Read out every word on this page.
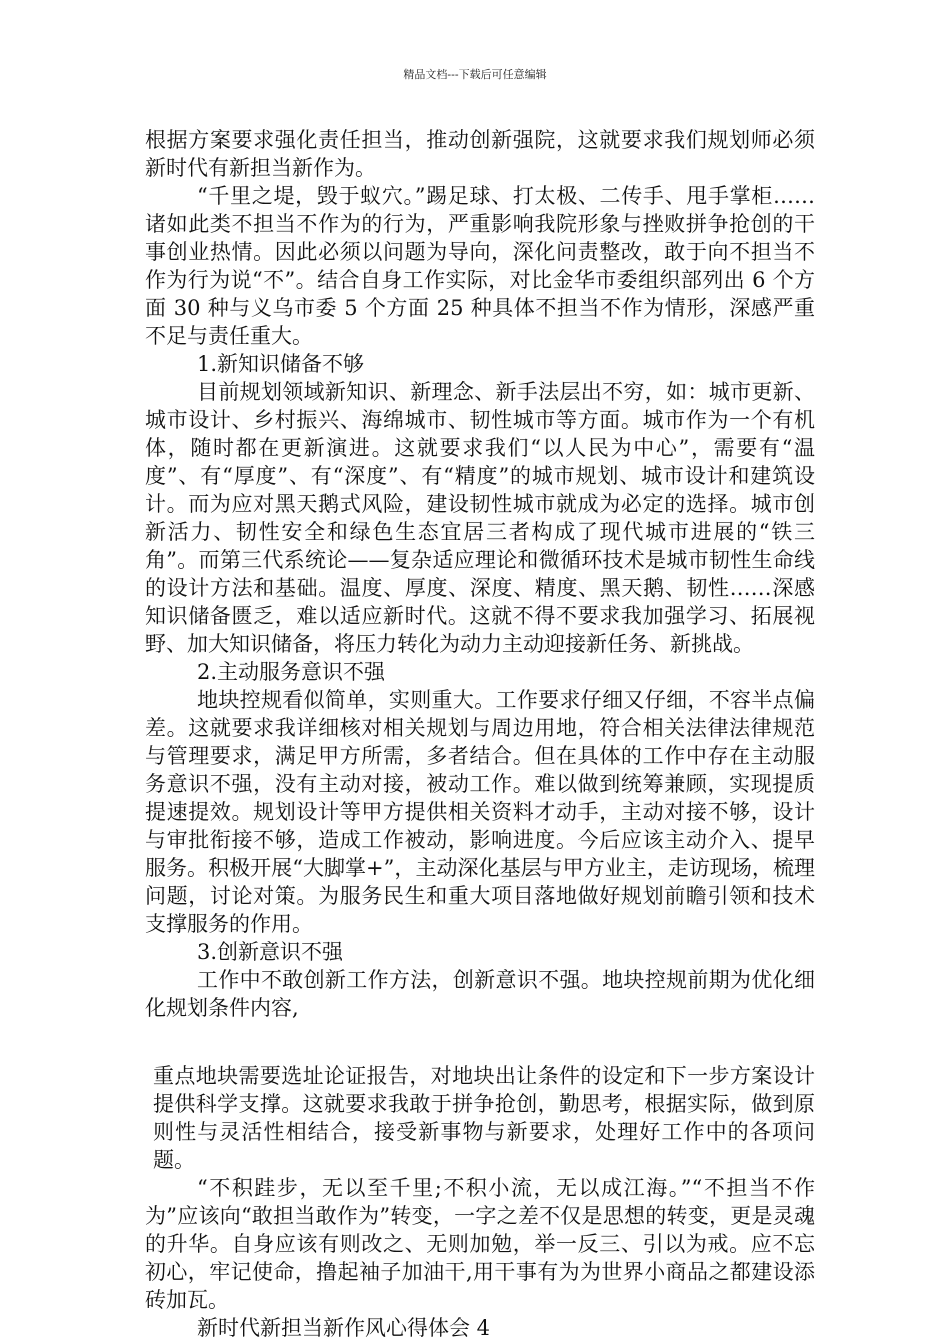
精品文档---下载后可任意编辑

根据方案要求强化责任担当，推动创新强院，这就要求我们规划师必须新时代有新担当新作为。

“千里之堤，毁于蚁穴。”踢足球、打太极、二传手、甩手掌柜……诸如此类不担当不作为的行为，严重影响我院形象与挫败拼争抢创的干事创业热情。因此必须以问题为导向，深化问责整改，敢于向不担当不作为行为说“不”。结合自身工作实际，对比金华市委组织部列出 6 个方面 30 种与义乌市委 5 个方面 25 种具体不担当不作为情形，深感严重不足与责任重大。

1.新知识储备不够

目前规划领域新知识、新理念、新手法层出不穷，如：城市更新、城市设计、乡村振兴、海绵城市、韧性城市等方面。城市作为一个有机体，随时都在更新演进。这就要求我们“以人民为中心”，需要有“温度”、有“厚度”、有“深度”、有“精度”的城市规划、城市设计和建筑设计。而为应对黑天鹅式风险，建设韧性城市就成为必定的选择。城市创新活力、韧性安全和绿色生态宜居三者构成了现代城市进展的“铁三角”。而第三代系统论——复杂适应理论和微循环技术是城市韧性生命线的设计方法和基础。温度、厚度、深度、精度、黑天鹅、韧性……深感知识储备匮乏，难以适应新时代。这就不得不要求我加强学习、拓展视野、加大知识储备，将压力转化为动力主动迎接新任务、新挑战。

2.主动服务意识不强

地块控规看似简单，实则重大。工作要求仔细又仔细，不容半点偏差。这就要求我详细核对相关规划与周边用地，符合相关法律法律规范与管理要求，满足甲方所需，多者结合。但在具体的工作中存在主动服务意识不强，没有主动对接，被动工作。难以做到统筹兼顾，实现提质提速提效。规划设计等甲方提供相关资料才动手，主动对接不够，设计与审批衔接不够，造成工作被动，影响进度。今后应该主动介入、提早服务。积极开展“大脚掌+”，主动深化基层与甲方业主，走访现场，梳理问题，讨论对策。为服务民生和重大项目落地做好规划前瞻引领和技术支撑服务的作用。

3.创新意识不强

工作中不敢创新工作方法，创新意识不强。地块控规前期为优化细化规划条件内容,

重点地块需要选址论证报告，对地块出让条件的设定和下一步方案设计提供科学支撑。这就要求我敢于拼争抢创，勤思考，根据实际，做到原则性与灵活性相结合，接受新事物与新要求，处理好工作中的各项问题。

“不积跬步，无以至千里;不积小流，无以成江海。”“不担当不作为”应该向“敢担当敢作为”转变，一字之差不仅是思想的转变，更是灵魂的升华。自身应该有则改之、无则加勉，举一反三、引以为戒。应不忘初心，牢记使命，撸起袖子加油干,用干事有为为世界小商品之都建设添砖加瓦。

新时代新担当新作风心得体会 4
